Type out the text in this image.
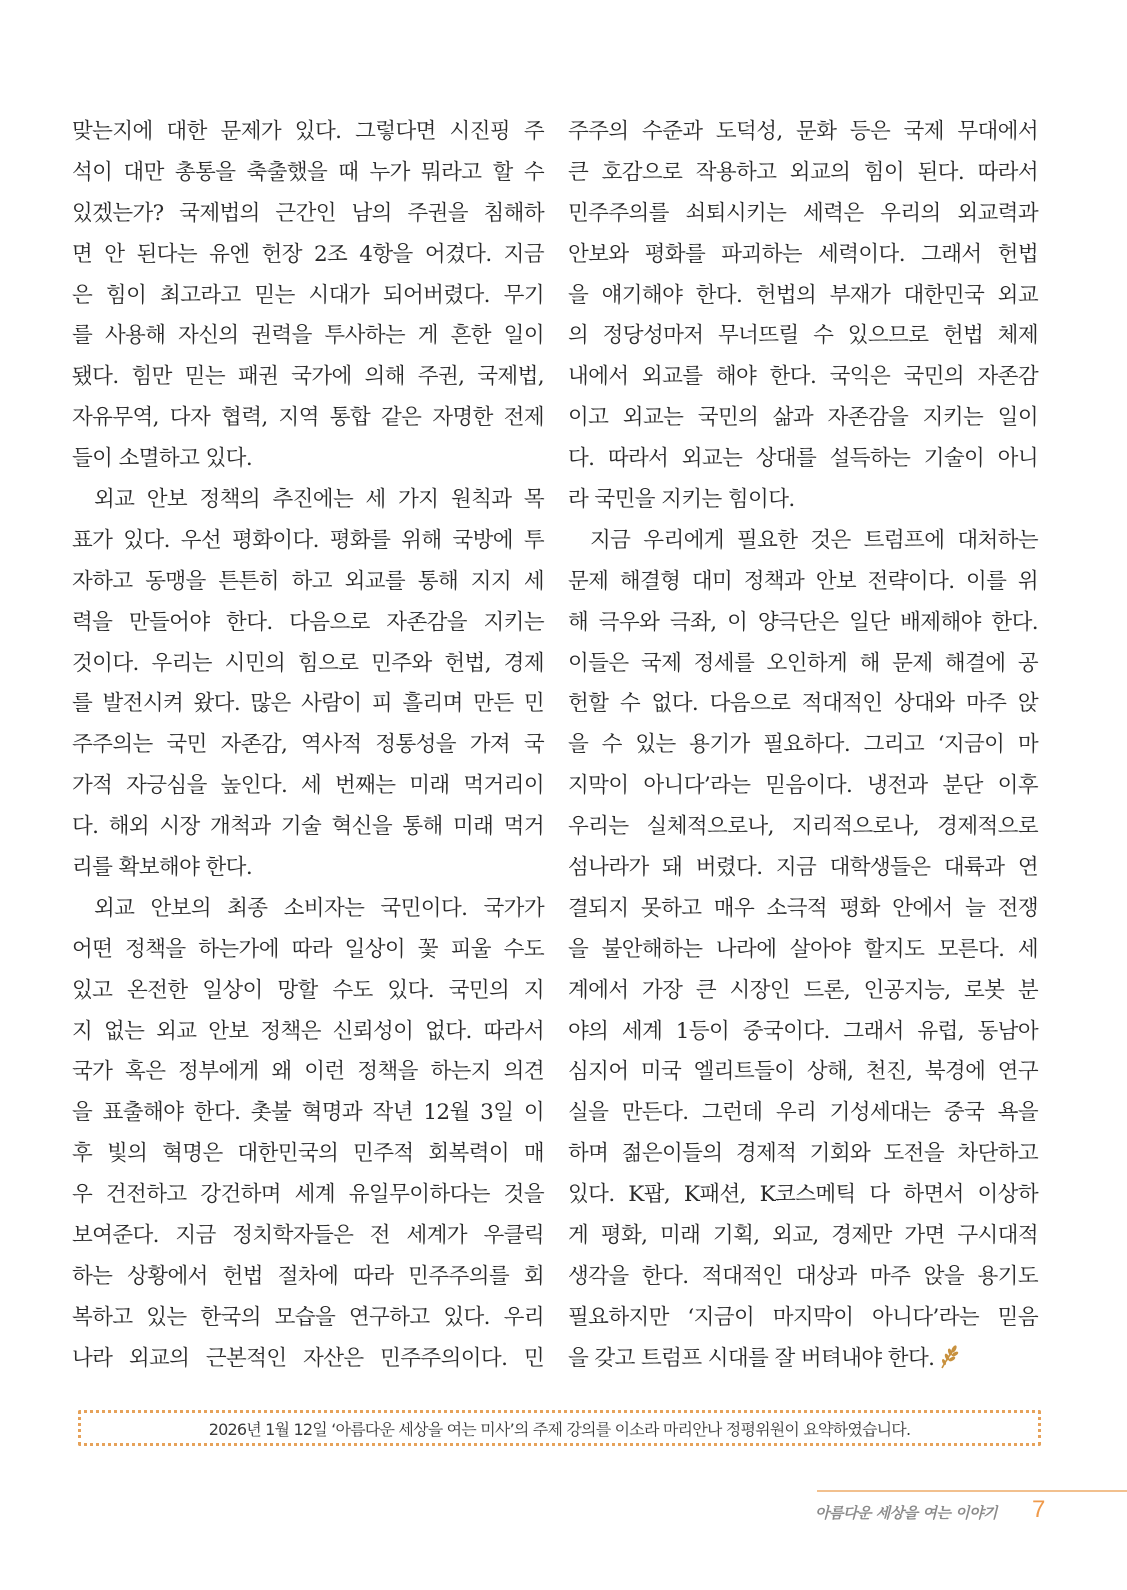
맞는지에 대한 문제가 있다. 그렇다면 시진핑 주
석이 대만 총통을 축출했을 때 누가 뭐라고 할 수
있겠는가? 국제법의 근간인 남의 주권을 침해하
면 안 된다는 유엔 헌장 2조 4항을 어겼다. 지금
은 힘이 최고라고 믿는 시대가 되어버렸다. 무기
를 사용해 자신의 권력을 투사하는 게 흔한 일이
됐다. 힘만 믿는 패권 국가에 의해 주권, 국제법,
자유무역, 다자 협력, 지역 통합 같은 자명한 전제
들이 소멸하고 있다.
외교 안보 정책의 추진에는 세 가지 원칙과 목
표가 있다. 우선 평화이다. 평화를 위해 국방에 투
자하고 동맹을 튼튼히 하고 외교를 통해 지지 세
력을 만들어야 한다. 다음으로 자존감을 지키는
것이다. 우리는 시민의 힘으로 민주와 헌법, 경제
를 발전시켜 왔다. 많은 사람이 피 흘리며 만든 민
주주의는 국민 자존감, 역사적 정통성을 가져 국
가적 자긍심을 높인다. 세 번째는 미래 먹거리이
다. 해외 시장 개척과 기술 혁신을 통해 미래 먹거
리를 확보해야 한다.
외교 안보의 최종 소비자는 국민이다. 국가가
어떤 정책을 하는가에 따라 일상이 꽃 피울 수도
있고 온전한 일상이 망할 수도 있다. 국민의 지
지 없는 외교 안보 정책은 신뢰성이 없다. 따라서
국가 혹은 정부에게 왜 이런 정책을 하는지 의견
을 표출해야 한다. 촛불 혁명과 작년 12월 3일 이
후 빛의 혁명은 대한민국의 민주적 회복력이 매
우 건전하고 강건하며 세계 유일무이하다는 것을
보여준다. 지금 정치학자들은 전 세계가 우클릭
하는 상황에서 헌법 절차에 따라 민주주의를 회
복하고 있는 한국의 모습을 연구하고 있다. 우리
나라 외교의 근본적인 자산은 민주주의이다. 민
주주의 수준과 도덕성, 문화 등은 국제 무대에서
큰 호감으로 작용하고 외교의 힘이 된다. 따라서
민주주의를 쇠퇴시키는 세력은 우리의 외교력과
안보와 평화를 파괴하는 세력이다. 그래서 헌법
을 얘기해야 한다. 헌법의 부재가 대한민국 외교
의 정당성마저 무너뜨릴 수 있으므로 헌법 체제
내에서 외교를 해야 한다. 국익은 국민의 자존감
이고 외교는 국민의 삶과 자존감을 지키는 일이
다. 따라서 외교는 상대를 설득하는 기술이 아니
라 국민을 지키는 힘이다.
지금 우리에게 필요한 것은 트럼프에 대처하는
문제 해결형 대미 정책과 안보 전략이다. 이를 위
해 극우와 극좌, 이 양극단은 일단 배제해야 한다.
이들은 국제 정세를 오인하게 해 문제 해결에 공
헌할 수 없다. 다음으로 적대적인 상대와 마주 앉
을 수 있는 용기가 필요하다. 그리고 ‘지금이 마
지막이 아니다’라는 믿음이다. 냉전과 분단 이후
우리는 실체적으로나, 지리적으로나, 경제적으로
섬나라가 돼 버렸다. 지금 대학생들은 대륙과 연
결되지 못하고 매우 소극적 평화 안에서 늘 전쟁
을 불안해하는 나라에 살아야 할지도 모른다. 세
계에서 가장 큰 시장인 드론, 인공지능, 로봇 분
야의 세계 1등이 중국이다. 그래서 유럽, 동남아
심지어 미국 엘리트들이 상해, 천진, 북경에 연구
실을 만든다. 그런데 우리 기성세대는 중국 욕을
하며 젊은이들의 경제적 기회와 도전을 차단하고
있다. K팝, K패션, K코스메틱 다 하면서 이상하
게 평화, 미래 기획, 외교, 경제만 가면 구시대적
생각을 한다. 적대적인 대상과 마주 앉을 용기도
필요하지만 ‘지금이 마지막이 아니다’라는 믿음
을 갖고 트럼프 시대를 잘 버텨내야 한다.
2026년 1월 12일 ‘아름다운 세상을 여는 미사’의 주제 강의를 이소라 마리안나 정평위원이 요약하였습니다.
아름다운 세상을 여는 이야기 7
